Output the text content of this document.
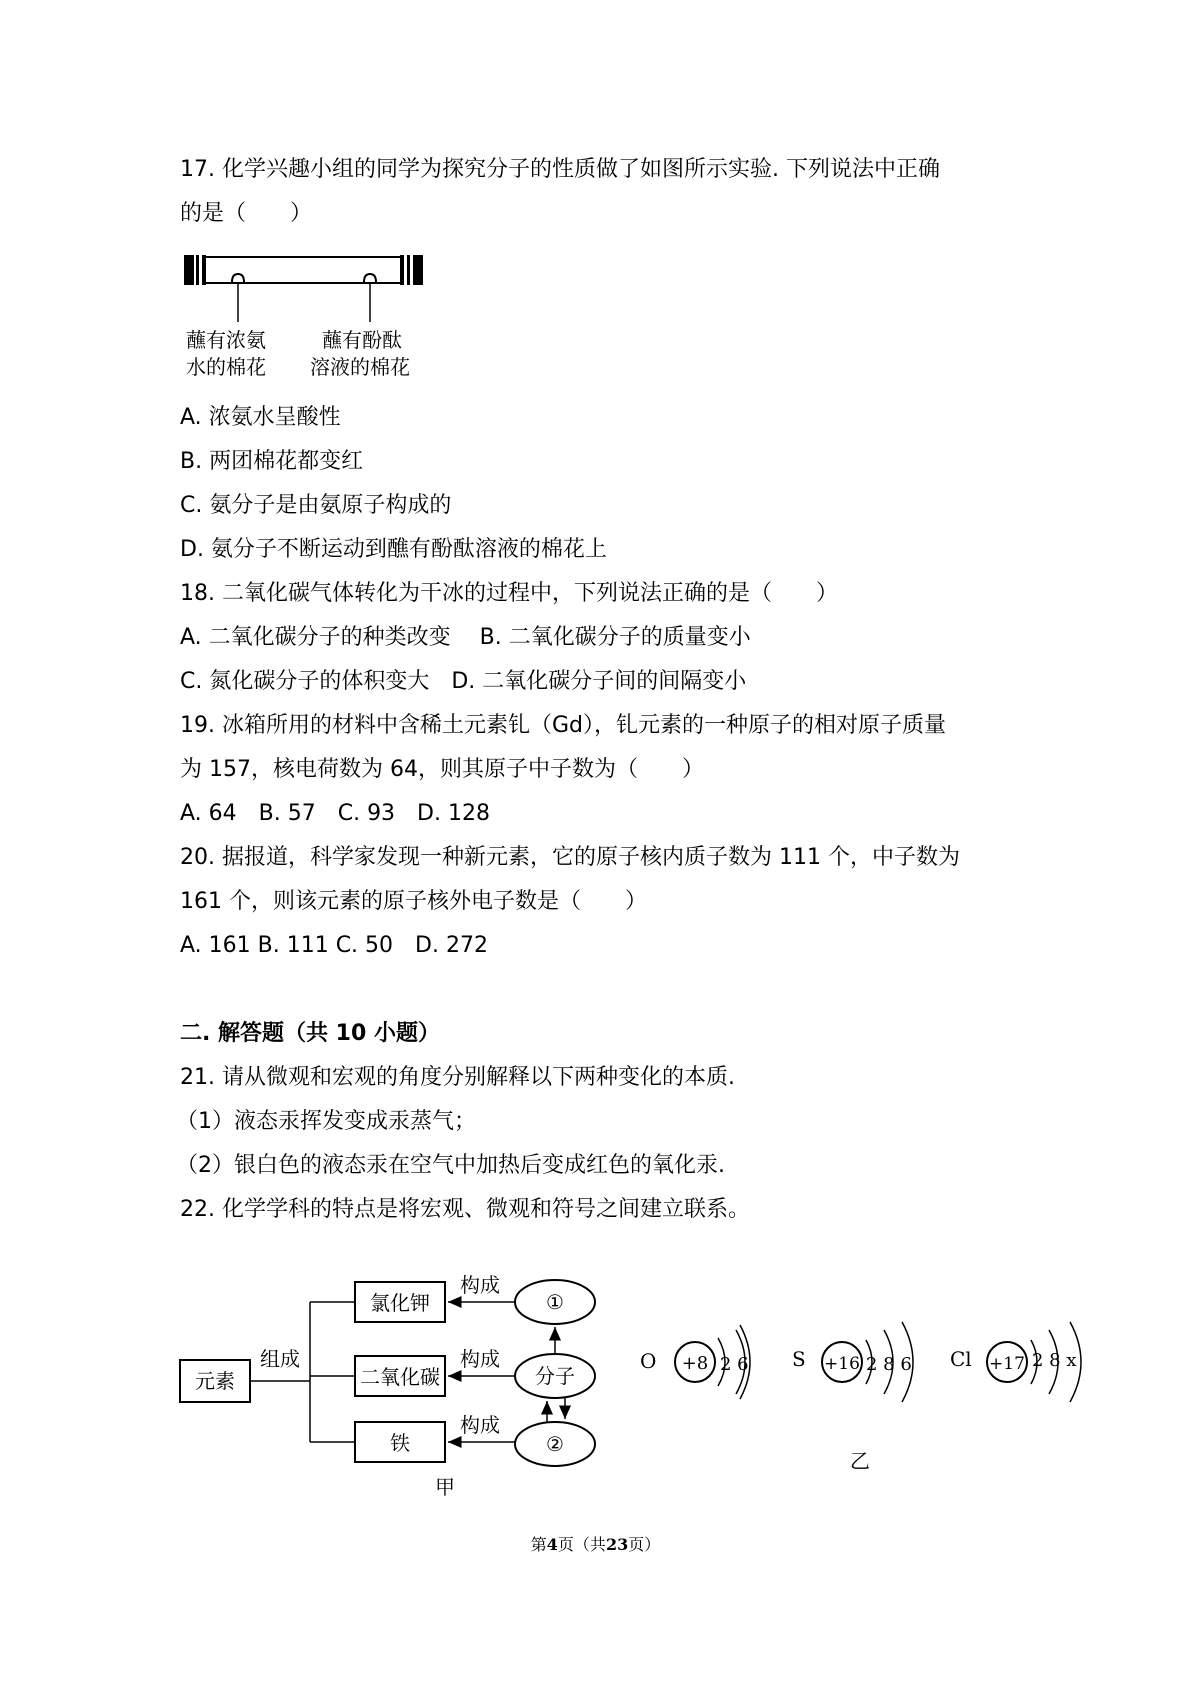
17. 化学兴趣小组的同学为探究分子的性质做了如图所示实验. 下列说法中正确
的是（　　）
蘸有浓氨
水的棉花
蘸有酚酞
溶液的棉花
A. 浓氨水呈酸性
B. 两团棉花都变红
C. 氨分子是由氨原子构成的
D. 氨分子不断运动到醮有酚酞溶液的棉花上
18. 二氧化碳气体转化为干冰的过程中，下列说法正确的是（　　）
A. 二氧化碳分子的种类改变　 B. 二氧化碳分子的质量变小
C. 氮化碳分子的体积变大　D. 二氧化碳分子间的间隔变小
19. 冰箱所用的材料中含稀土元素钆（Gd），钆元素的一种原子的相对原子质量
为 157，核电荷数为 64，则其原子中子数为（　　）
A. 64　B. 57　C. 93　D. 128
20. 据报道，科学家发现一种新元素，它的原子核内质子数为 111 个，中子数为
161 个，则该元素的原子核外电子数是（　　）
A. 161 B. 111 C. 50　D. 272
二. 解答题（共 10 小题）
21. 请从微观和宏观的角度分别解释以下两种变化的本质.
（1）液态汞挥发变成汞蒸气；
（2）银白色的液态汞在空气中加热后变成红色的氧化汞.
22. 化学学科的特点是将宏观、微观和符号之间建立联系。
元素
组成
氯化钾
二氧化碳
铁
构成
构成
构成
①
分子
②
甲
O +8 2 6 S +16 2 8 6 Cl +17 2 8 x
乙
第4页（共23页）
